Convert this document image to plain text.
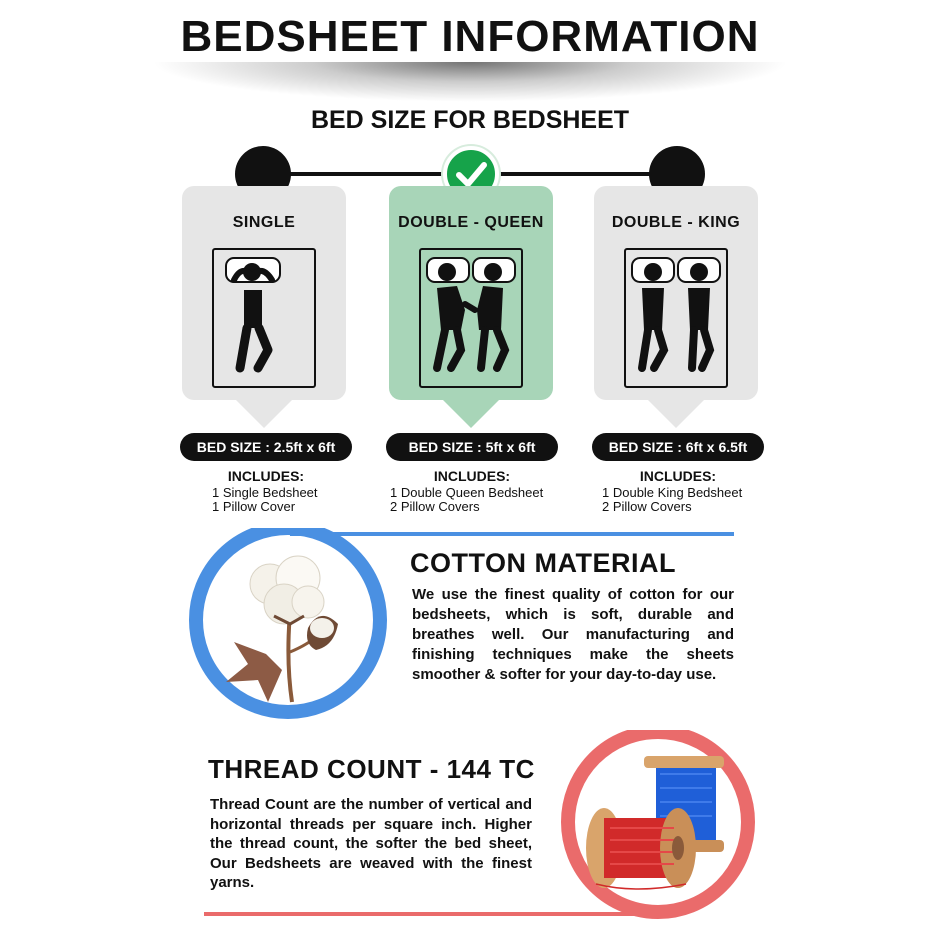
BEDSHEET INFORMATION
BED SIZE FOR BEDSHEET
SINGLE	DOUBLE - QUEEN	DOUBLE - KING
BED SIZE : 2.5ft x 6ft	BED SIZE : 5ft x 6ft	BED SIZE : 6ft x 6.5ft
INCLUDES:
1 Single Bedsheet
1 Pillow Cover
INCLUDES:
1 Double Queen Bedsheet
2 Pillow Covers
INCLUDES:
1 Double King Bedsheet
2 Pillow Covers
COTTON MATERIAL
We use the finest quality of cotton for our bedsheets, which is soft, durable and breathes well. Our manufacturing and finishing techniques make the sheets smoother & softer for your day-to-day use.
THREAD COUNT - 144 TC
Thread Count are the number of vertical and horizontal threads per square inch. Higher the thread count, the softer the bed sheet, Our Bedsheets are weaved with the finest yarns.
